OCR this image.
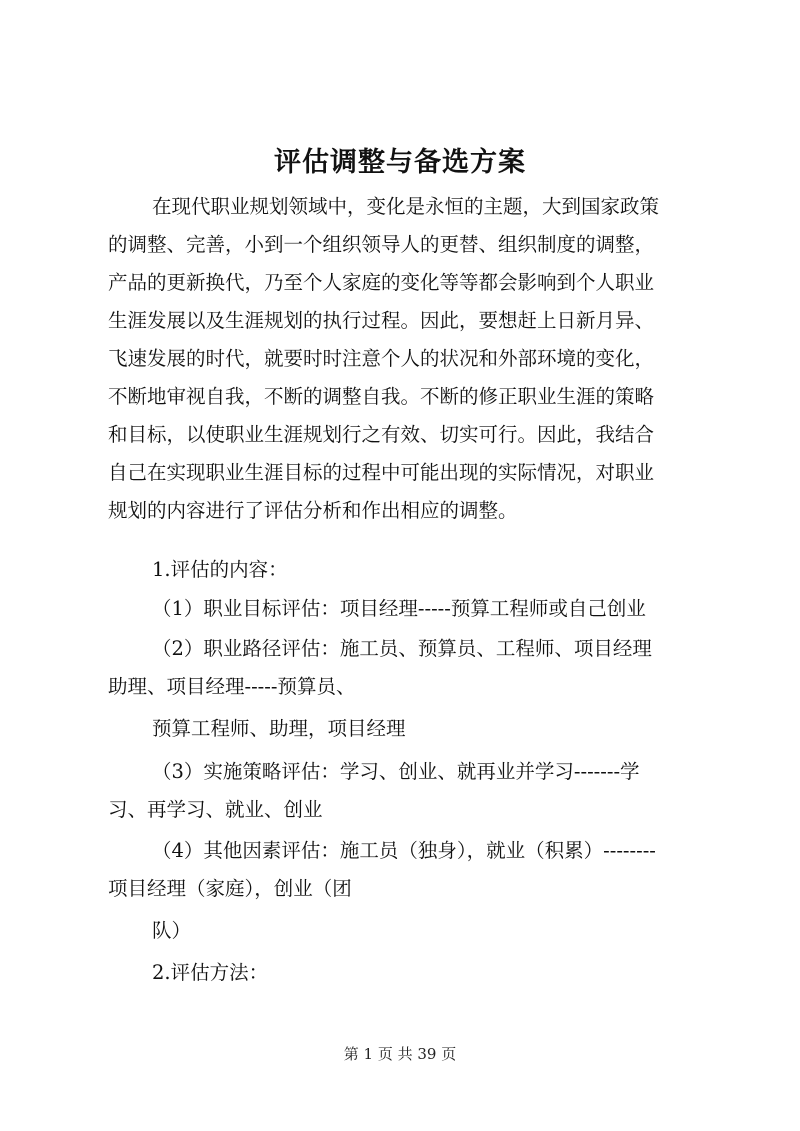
评估调整与备选方案
在现代职业规划领域中，变化是永恒的主题，大到国家政策
的调整、完善，小到一个组织领导人的更替、组织制度的调整，
产品的更新换代，乃至个人家庭的变化等等都会影响到个人职业
生涯发展以及生涯规划的执行过程。因此，要想赶上日新月异、
飞速发展的时代，就要时时注意个人的状况和外部环境的变化，
不断地审视自我，不断的调整自我。不断的修正职业生涯的策略
和目标，以使职业生涯规划行之有效、切实可行。因此，我结合
自己在实现职业生涯目标的过程中可能出现的实际情况，对职业
规划的内容进行了评估分析和作出相应的调整。
1.评估的内容：
（1）职业目标评估：项目经理-----预算工程师或自己创业
（2）职业路径评估：施工员、预算员、工程师、项目经理
助理、项目经理-----预算员、
预算工程师、助理，项目经理
（3）实施策略评估：学习、创业、就再业并学习-------学
习、再学习、就业、创业
（4）其他因素评估：施工员（独身），就业（积累）--------
项目经理（家庭），创业（团
队）
2.评估方法：
第 1 页 共 39 页
